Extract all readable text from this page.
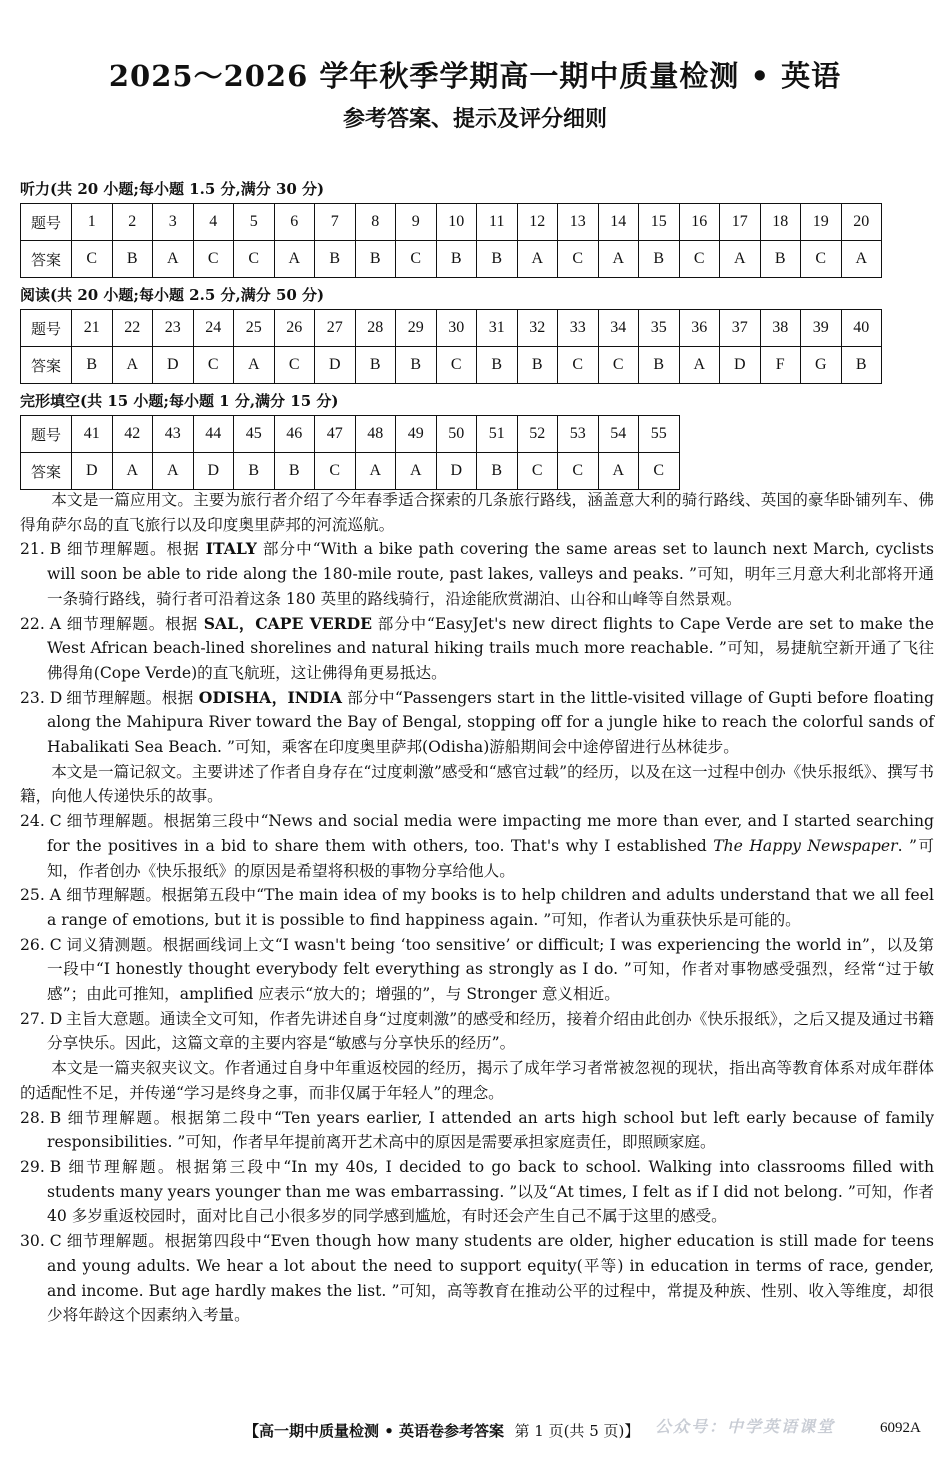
2025～2026 学年秋季学期高一期中质量检测 • 英语
参考答案、提示及评分细则
听力(共 20 小题;每小题 1.5 分,满分 30 分)
题号	1	2	3	4	5	6	7	8	9	10	11	12	13	14	15	16	17	18	19	20
答案	C	B	A	C	C	A	B	B	C	B	B	A	C	A	B	C	A	B	C	A
阅读(共 20 小题;每小题 2.5 分,满分 50 分)
题号	21	22	23	24	25	26	27	28	29	30	31	32	33	34	35	36	37	38	39	40
答案	B	A	D	C	A	C	D	B	B	C	B	B	C	C	B	A	D	F	G	B
完形填空(共 15 小题;每小题 1 分,满分 15 分)
题号	41	42	43	44	45	46	47	48	49	50	51	52	53	54	55
答案	D	A	A	D	B	B	C	A	A	D	B	C	C	A	C

本文是一篇应用文。主要为旅行者介绍了今年春季适合探索的几条旅行路线，涵盖意大利的骑行路线、英国的豪华卧铺列车、佛得角萨尔岛的直飞旅行以及印度奥里萨邦的河流巡航。

21. B 细节理解题。根据 ITALY 部分中“With a bike path covering the same areas set to launch next March, cyclists will soon be able to ride along the 180-mile route, past lakes, valleys and peaks. ”可知，明年三月意大利北部将开通一条骑行路线，骑行者可沿着这条 180 英里的路线骑行，沿途能欣赏湖泊、山谷和山峰等自然景观。

22. A 细节理解题。根据 SAL，CAPE VERDE 部分中“EasyJet's new direct flights to Cape Verde are set to make the West African beach-lined shorelines and natural hiking trails much more reachable. ”可知，易捷航空新开通了飞往佛得角(Cope Verde)的直飞航班，这让佛得角更易抵达。

23. D 细节理解题。根据 ODISHA，INDIA 部分中“Passengers start in the little-visited village of Gupti before floating along the Mahipura River toward the Bay of Bengal, stopping off for a jungle hike to reach the colorful sands of Habalikati Sea Beach. ”可知，乘客在印度奥里萨邦(Odisha)游船期间会中途停留进行丛林徒步。

本文是一篇记叙文。主要讲述了作者自身存在“过度刺激”感受和“感官过载”的经历，以及在这一过程中创办《快乐报纸》、撰写书籍，向他人传递快乐的故事。

24. C 细节理解题。根据第三段中“News and social media were impacting me more than ever, and I started searching for the positives in a bid to share them with others, too. That's why I established The Happy Newspaper. ”可知，作者创办《快乐报纸》的原因是希望将积极的事物分享给他人。

25. A 细节理解题。根据第五段中“The main idea of my books is to help children and adults understand that we all feel a range of emotions, but it is possible to find happiness again. ”可知，作者认为重获快乐是可能的。

26. C 词义猜测题。根据画线词上文“I wasn't being ‘too sensitive’ or difficult; I was experiencing the world in”，以及第一段中“I honestly thought everybody felt everything as strongly as I do. ”可知，作者对事物感受强烈，经常“过于敏感”；由此可推知，amplified 应表示“放大的；增强的”，与 Stronger 意义相近。

27. D 主旨大意题。通读全文可知，作者先讲述自身“过度刺激”的感受和经历，接着介绍由此创办《快乐报纸》，之后又提及通过书籍分享快乐。因此，这篇文章的主要内容是“敏感与分享快乐的经历”。

本文是一篇夹叙夹议文。作者通过自身中年重返校园的经历，揭示了成年学习者常被忽视的现状，指出高等教育体系对成年群体的适配性不足，并传递“学习是终身之事，而非仅属于年轻人”的理念。

28. B 细节理解题。根据第二段中“Ten years earlier, I attended an arts high school but left early because of family responsibilities. ”可知，作者早年提前离开艺术高中的原因是需要承担家庭责任，即照顾家庭。

29. B 细节理解题。根据第三段中“In my 40s, I decided to go back to school. Walking into classrooms filled with students many years younger than me was embarrassing. ”以及“At times, I felt as if I did not belong. ”可知，作者 40 多岁重返校园时，面对比自己小很多岁的同学感到尴尬，有时还会产生自己不属于这里的感受。

30. C 细节理解题。根据第四段中“Even though how many students are older, higher education is still made for teens and young adults. We hear a lot about the need to support equity(平等) in education in terms of race, gender, and income. But age hardly makes the list. ”可知，高等教育在推动公平的过程中，常提及种族、性别、收入等维度，却很少将年龄这个因素纳入考量。

公众号：中学英语课堂
【高一期中质量检测 • 英语卷参考答案 第 1 页(共 5 页)】	6092A
